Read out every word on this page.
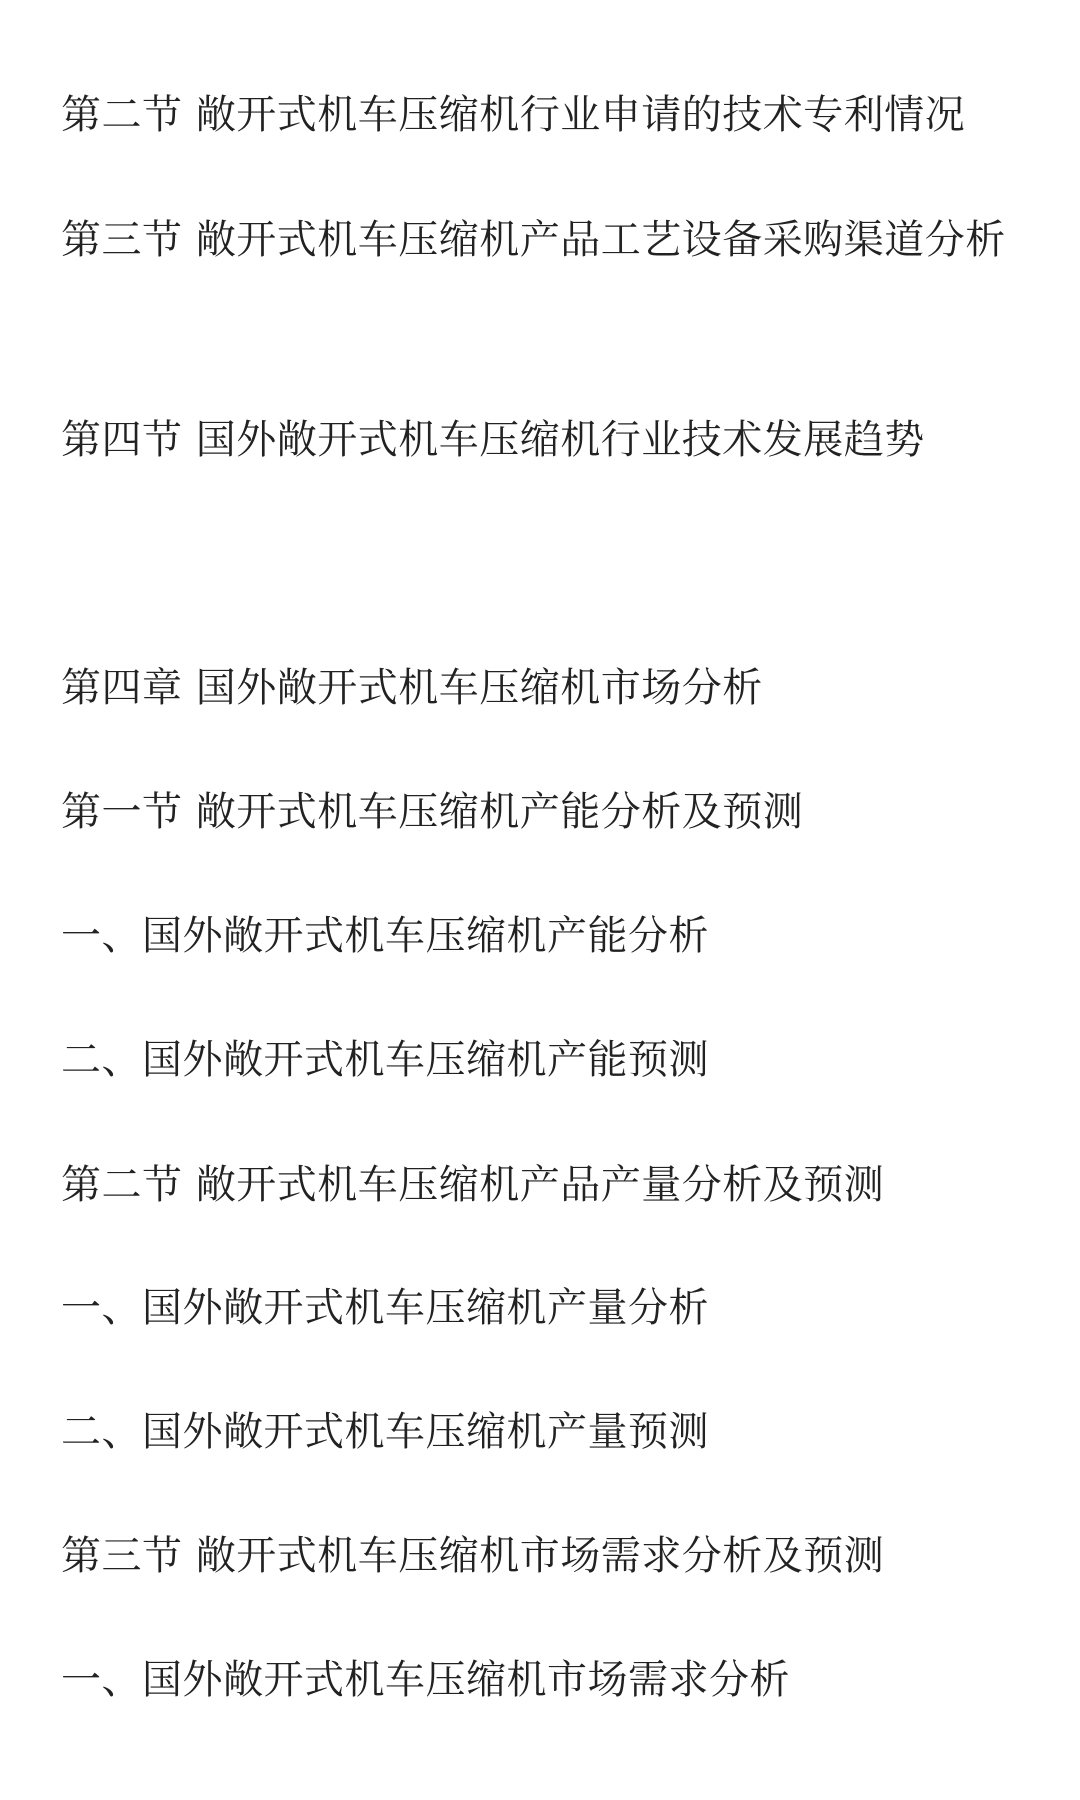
第二节 敞开式机车压缩机行业申请的技术专利情况
第三节 敞开式机车压缩机产品工艺设备采购渠道分析
第四节 国外敞开式机车压缩机行业技术发展趋势
第四章 国外敞开式机车压缩机市场分析
第一节 敞开式机车压缩机产能分析及预测
一、国外敞开式机车压缩机产能分析
二、国外敞开式机车压缩机产能预测
第二节 敞开式机车压缩机产品产量分析及预测
一、国外敞开式机车压缩机产量分析
二、国外敞开式机车压缩机产量预测
第三节 敞开式机车压缩机市场需求分析及预测
一、国外敞开式机车压缩机市场需求分析
